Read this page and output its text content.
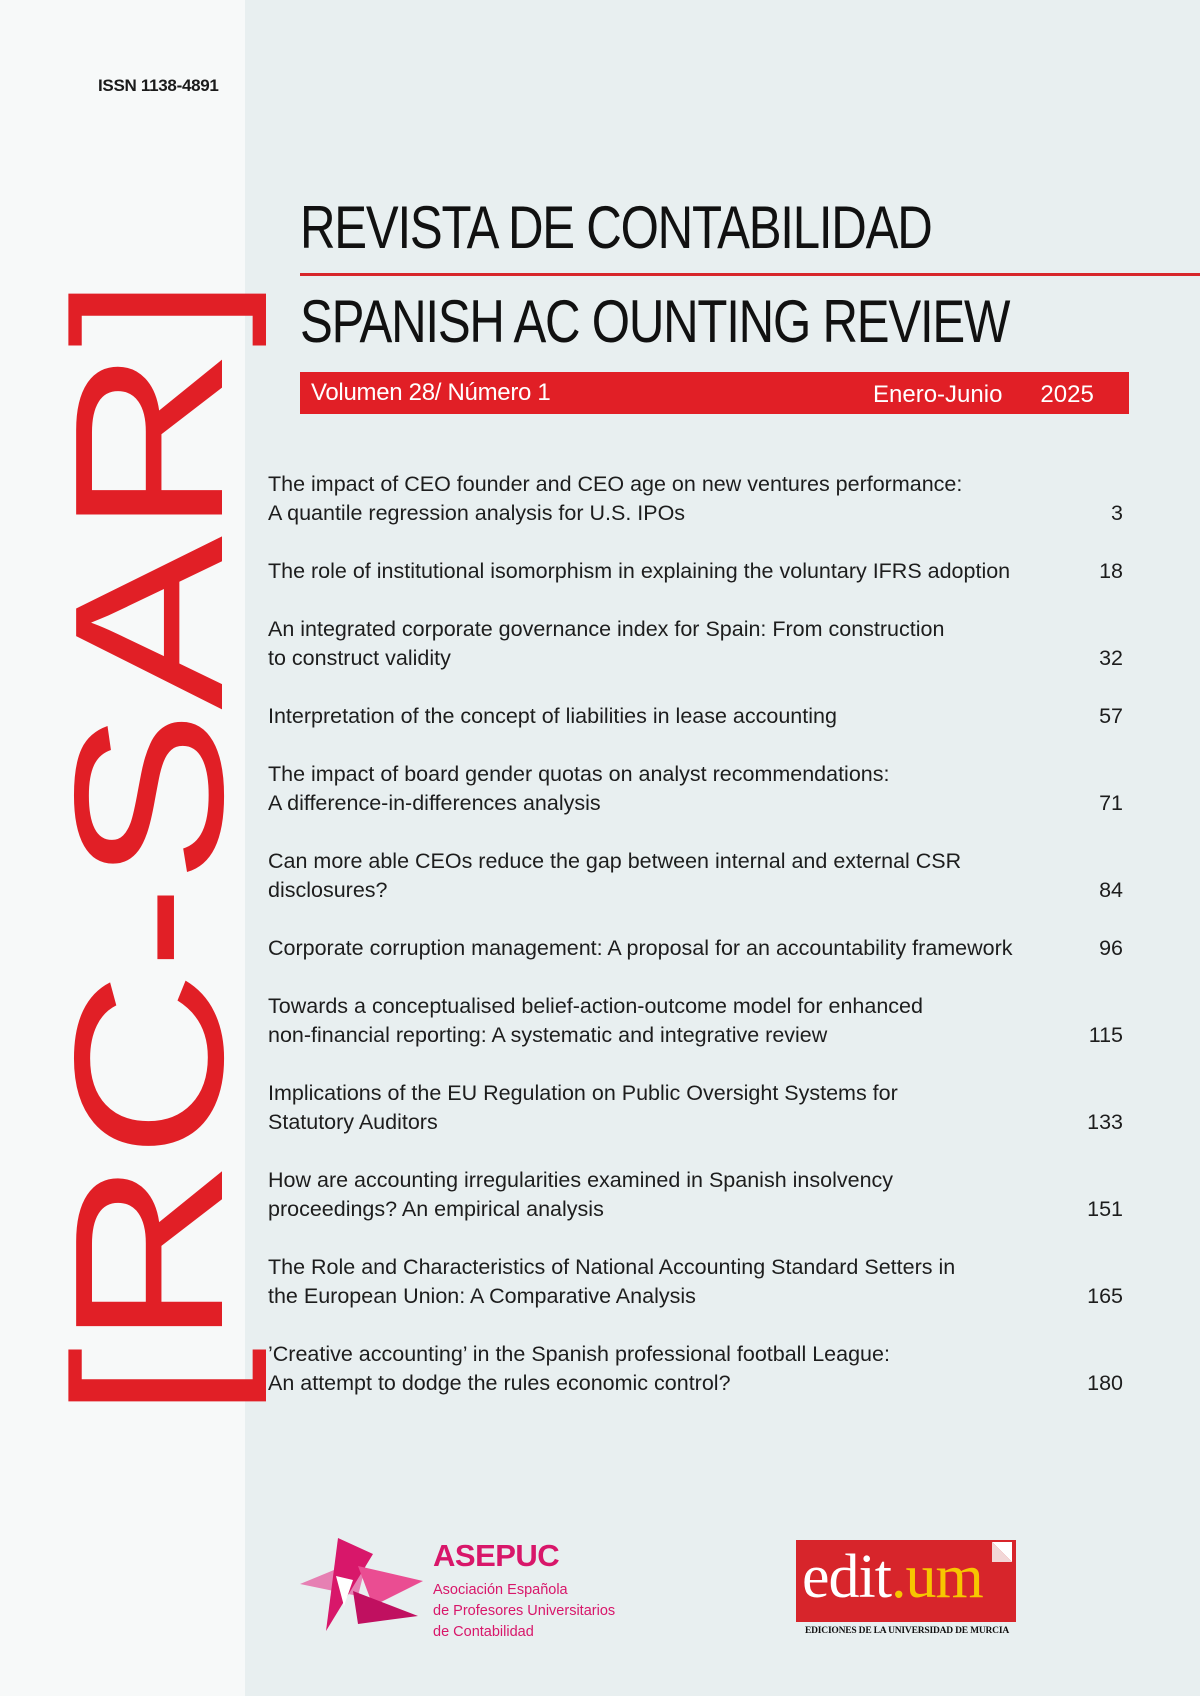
ISSN 1138-4891
[RC-SAR]
REVISTA DE CONTABILIDAD
SPANISH AC OUNTING REVIEW
Volumen 28/ Número 1	Enero-Junio 2025
The impact of CEO founder and CEO age on new ventures performance:
A quantile regression analysis for U.S. IPOs	3
The role of institutional isomorphism in explaining the voluntary IFRS adoption	18
An integrated corporate governance index for Spain: From construction
to construct validity	32
Interpretation of the concept of liabilities in lease accounting	57
The impact of board gender quotas on analyst recommendations:
A difference-in-differences analysis	71
Can more able CEOs reduce the gap between internal and external CSR
disclosures?	84
Corporate corruption management: A proposal for an accountability framework	96
Towards a conceptualised belief-action-outcome model for enhanced
non-financial reporting: A systematic and integrative review	115
Implications of the EU Regulation on Public Oversight Systems for
Statutory Auditors	133
How are accounting irregularities examined in Spanish insolvency
proceedings? An empirical analysis	151
The Role and Characteristics of National Accounting Standard Setters in
the European Union: A Comparative Analysis	165
’Creative accounting’ in the Spanish professional football League:
An attempt to dodge the rules economic control?	180
ASEPUC
Asociación Española
de Profesores Universitarios
de Contabilidad
edit.um
EDICIONES DE LA UNIVERSIDAD DE MURCIA
